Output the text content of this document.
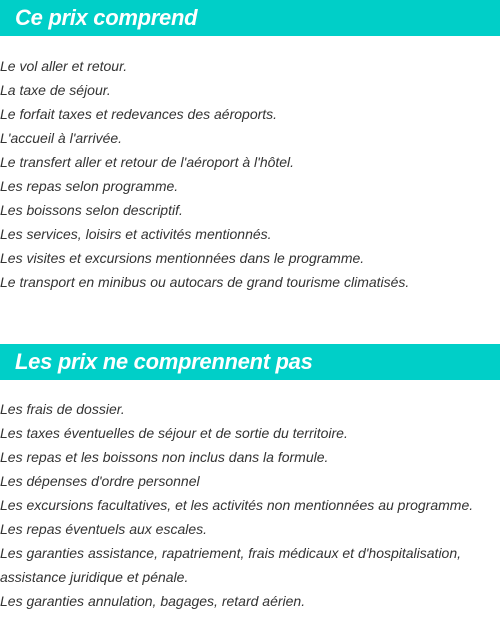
Ce prix comprend
Le vol aller et retour.
La taxe de séjour.
Le forfait taxes et redevances des aéroports.
L'accueil à l'arrivée.
Le transfert aller et retour de l'aéroport à l'hôtel.
Les repas selon programme.
Les boissons selon descriptif.
Les services, loisirs et activités mentionnés.
Les visites et excursions mentionnées dans le programme.
Le transport en minibus ou autocars de grand tourisme climatisés.
Les prix ne comprennent pas
Les frais de dossier.
Les taxes éventuelles de séjour et de sortie du territoire.
Les repas et les boissons non inclus dans la formule.
Les dépenses d'ordre personnel
Les excursions facultatives, et les activités non mentionnées au programme.
Les repas éventuels aux escales.
Les garanties assistance, rapatriement, frais médicaux et d'hospitalisation, assistance juridique et pénale.
Les garanties annulation, bagages, retard aérien.
